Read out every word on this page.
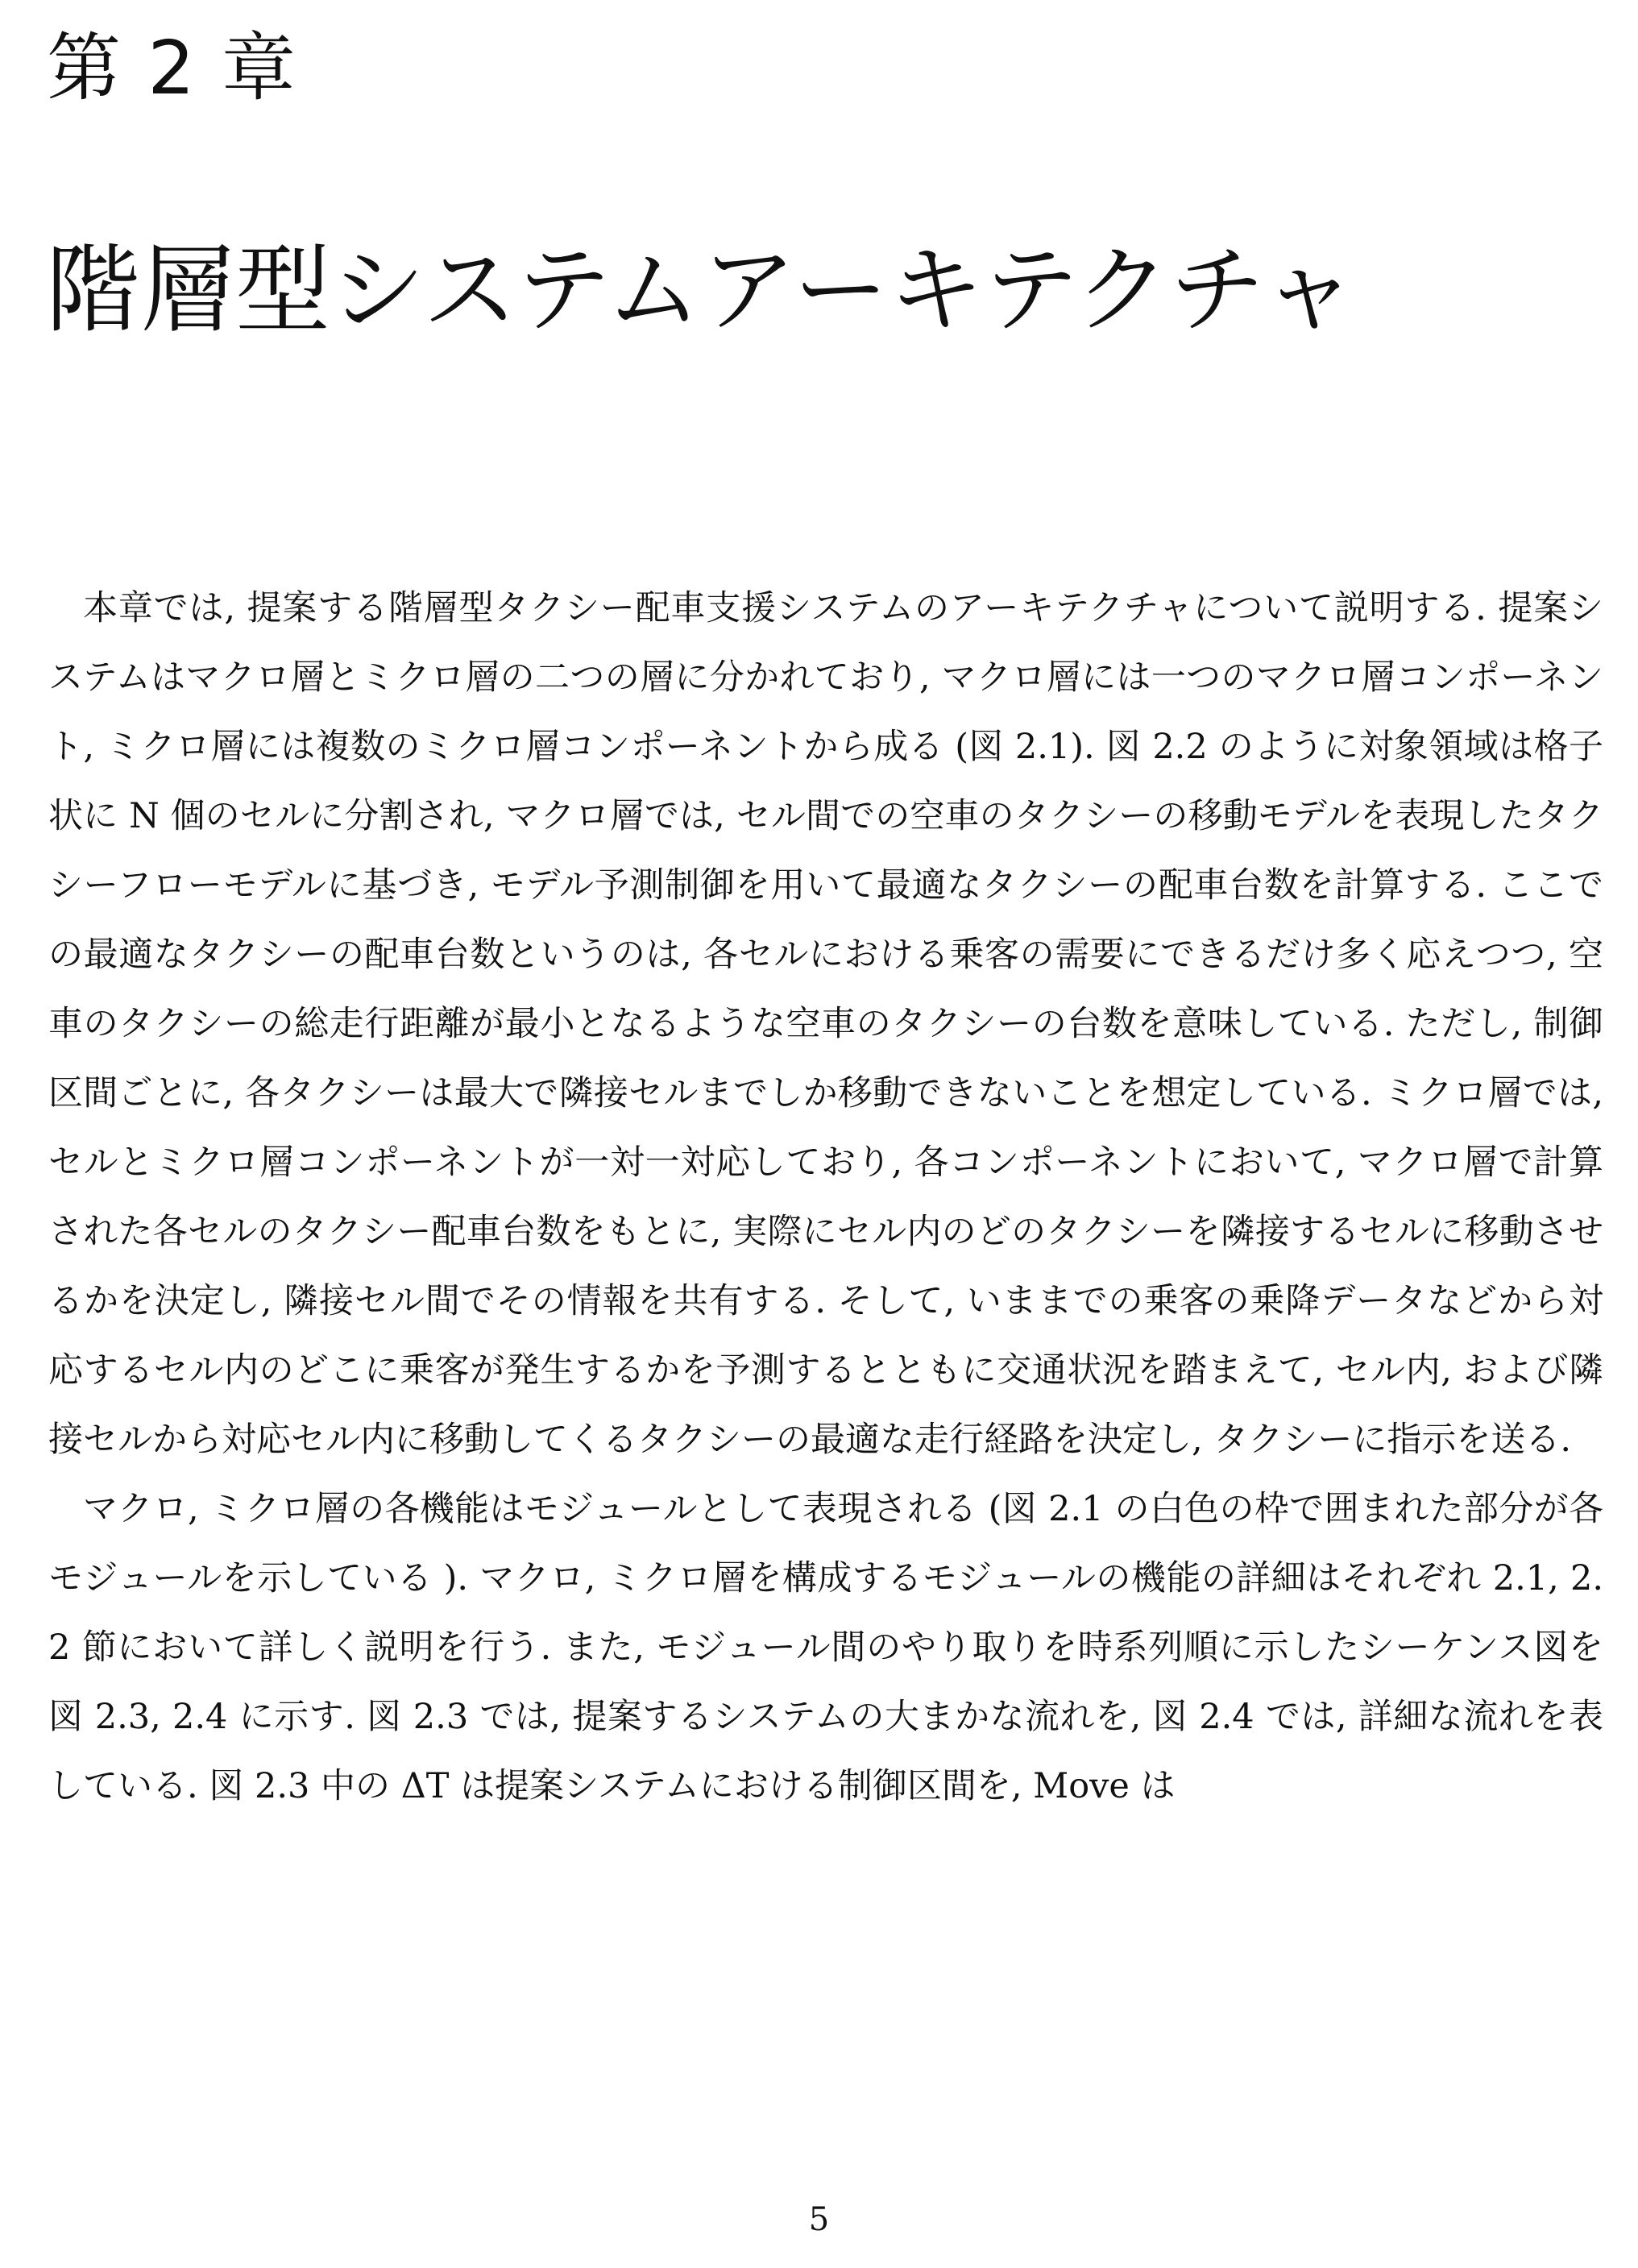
第 2 章
階層型システムアーキテクチャ

本章では, 提案する階層型タクシー配車支援システムのアーキテクチャについて説明する. 提案システムはマクロ層とミクロ層の二つの層に分かれており, マクロ層には一つのマクロ層コンポーネント, ミクロ層には複数のミクロ層コンポーネントから成る (図 2.1). 図 2.2 のように対象領域は格子状に N 個のセルに分割され, マクロ層では, セル間での空車のタクシーの移動モデルを表現したタクシーフローモデルに基づき, モデル予測制御を用いて最適なタクシーの配車台数を計算する. ここでの最適なタクシーの配車台数というのは, 各セルにおける乗客の需要にできるだけ多く応えつつ, 空車のタクシーの総走行距離が最小となるような空車のタクシーの台数を意味している. ただし, 制御区間ごとに, 各タクシーは最大で隣接セルまでしか移動できないことを想定している. ミクロ層では, セルとミクロ層コンポーネントが一対一対応しており, 各コンポーネントにおいて, マクロ層で計算された各セルのタクシー配車台数をもとに, 実際にセル内のどのタクシーを隣接するセルに移動させるかを決定し, 隣接セル間でその情報を共有する. そして, いままでの乗客の乗降データなどから対応するセル内のどこに乗客が発生するかを予測するとともに交通状況を踏まえて, セル内, および隣接セルから対応セル内に移動してくるタクシーの最適な走行経路を決定し, タクシーに指示を送る.

マクロ, ミクロ層の各機能はモジュールとして表現される (図 2.1 の白色の枠で囲まれた部分が各モジュールを示している ). マクロ, ミクロ層を構成するモジュールの機能の詳細はそれぞれ 2.1, 2.2 節において詳しく説明を行う. また, モジュール間のやり取りを時系列順に示したシーケンス図を図 2.3, 2.4 に示す. 図 2.3 では, 提案するシステムの大まかな流れを, 図 2.4 では, 詳細な流れを表している. 図 2.3 中の ΔT は提案システムにおける制御区間を, Move は

5
